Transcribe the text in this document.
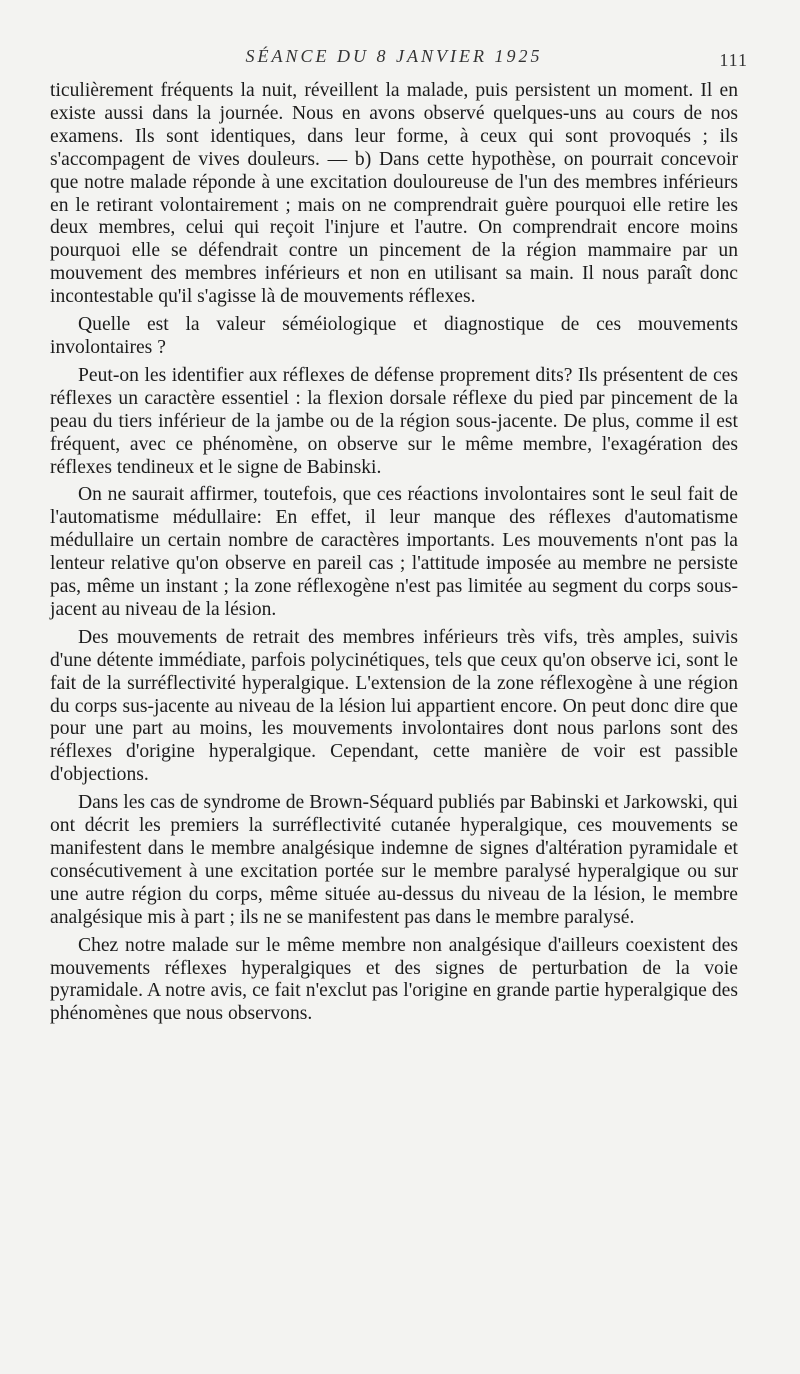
SÉANCE DU 8 JANVIER 1925	111

ticulièrement fréquents la nuit, réveillent la malade, puis persistent un moment. Il en existe aussi dans la journée. Nous en avons observé quelques-uns au cours de nos examens. Ils sont identiques, dans leur forme, à ceux qui sont provoqués ; ils s'accompagent de vives douleurs. — b) Dans cette hypothèse, on pourrait concevoir que notre malade réponde à une excitation douloureuse de l'un des membres inférieurs en le retirant volontairement ; mais on ne comprendrait guère pourquoi elle retire les deux membres, celui qui reçoit l'injure et l'autre. On comprendrait encore moins pourquoi elle se défendrait contre un pincement de la région mammaire par un mouvement des membres inférieurs et non en utilisant sa main. Il nous paraît donc incontestable qu'il s'agisse là de mouvements réflexes.

Quelle est la valeur séméiologique et diagnostique de ces mouvements involontaires ?

Peut-on les identifier aux réflexes de défense proprement dits? Ils présentent de ces réflexes un caractère essentiel : la flexion dorsale réflexe du pied par pincement de la peau du tiers inférieur de la jambe ou de la région sous-jacente. De plus, comme il est fréquent, avec ce phénomène, on observe sur le même membre, l'exagération des réflexes tendineux et le signe de Babinski.

On ne saurait affirmer, toutefois, que ces réactions involontaires sont le seul fait de l'automatisme médullaire: En effet, il leur manque des réflexes d'automatisme médullaire un certain nombre de caractères importants. Les mouvements n'ont pas la lenteur relative qu'on observe en pareil cas ; l'attitude imposée au membre ne persiste pas, même un instant ; la zone réflexogène n'est pas limitée au segment du corps sous-jacent au niveau de la lésion.

Des mouvements de retrait des membres inférieurs très vifs, très amples, suivis d'une détente immédiate, parfois polycinétiques, tels que ceux qu'on observe ici, sont le fait de la surréflectivité hyperalgique. L'extension de la zone réflexogène à une région du corps sus-jacente au niveau de la lésion lui appartient encore. On peut donc dire que pour une part au moins, les mouvements involontaires dont nous parlons sont des réflexes d'origine hyperalgique. Cependant, cette manière de voir est passible d'objections.

Dans les cas de syndrome de Brown-Séquard publiés par Babinski et Jarkowski, qui ont décrit les premiers la surréflectivité cutanée hyperalgique, ces mouvements se manifestent dans le membre analgésique indemne de signes d'altération pyramidale et consécutivement à une excitation portée sur le membre paralysé hyperalgique ou sur une autre région du corps, même située au-dessus du niveau de la lésion, le membre analgésique mis à part ; ils ne se manifestent pas dans le membre paralysé.

Chez notre malade sur le même membre non analgésique d'ailleurs coexistent des mouvements réflexes hyperalgiques et des signes de perturbation de la voie pyramidale. A notre avis, ce fait n'exclut pas l'origine en grande partie hyperalgique des phénomènes que nous observons.
